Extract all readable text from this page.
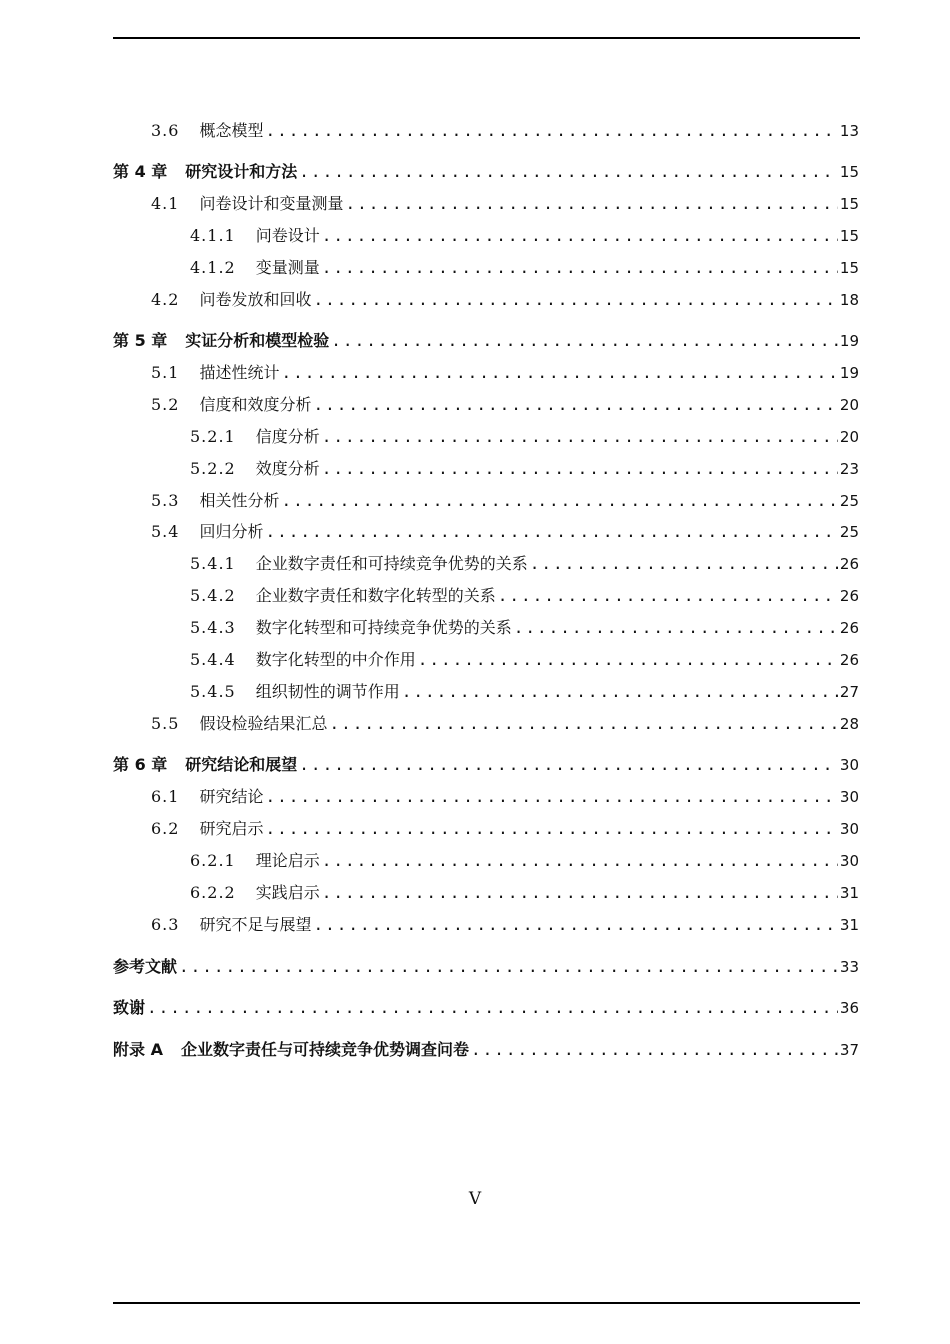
3.6 概念模型 .....	13
第 4 章 研究设计和方法 .....	15
4.1 问卷设计和变量测量 .....	15
4.1.1 问卷设计 .....	15
4.1.2 变量测量 .....	15
4.2 问卷发放和回收 .....	18
第 5 章 实证分析和模型检验 .....	19
5.1 描述性统计 .....	19
5.2 信度和效度分析 .....	20
5.2.1 信度分析 .....	20
5.2.2 效度分析 .....	23
5.3 相关性分析 .....	25
5.4 回归分析 .....	25
5.4.1 企业数字责任和可持续竞争优势的关系 .....	26
5.4.2 企业数字责任和数字化转型的关系 .....	26
5.4.3 数字化转型和可持续竞争优势的关系 .....	26
5.4.4 数字化转型的中介作用 .....	26
5.4.5 组织韧性的调节作用 .....	27
5.5 假设检验结果汇总 .....	28
第 6 章 研究结论和展望 .....	30
6.1 研究结论 .....	30
6.2 研究启示 .....	30
6.2.1 理论启示 .....	30
6.2.2 实践启示 .....	31
6.3 研究不足与展望 .....	31
参考文献 .....	33
致谢 .....	36
附录 A 企业数字责任与可持续竞争优势调查问卷 .....	37
V
